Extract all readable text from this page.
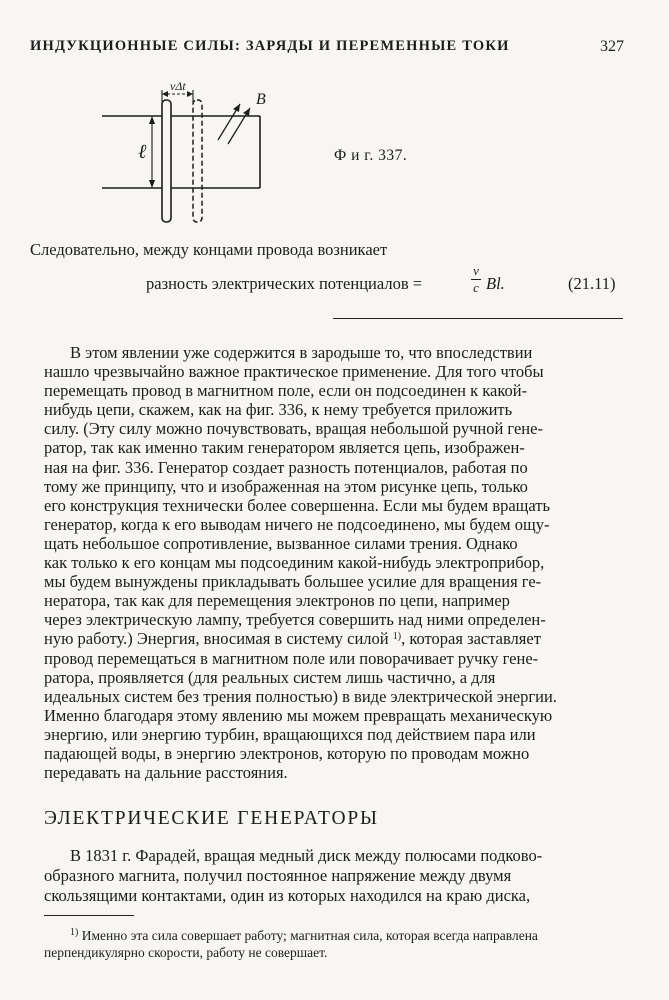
ИНДУКЦИОННЫЕ СИЛЫ: ЗАРЯДЫ И ПЕРЕМЕННЫЕ ТОКИ	327
vΔt
ℓ
B
Ф и г. 337.
Следовательно, между концами провода возникает
разность электрических потенциалов =
v
c Bl.	(21.11)
В этом явлении уже содержится в зародыше то, что впоследствии
нашло чрезвычайно важное практическое применение. Для того чтобы
перемещать провод в магнитном поле, если он подсоединен к какой-
нибудь цепи, скажем, как на фиг. 336, к нему требуется приложить
силу. (Эту силу можно почувствовать, вращая небольшой ручной гене-
ратор, так как именно таким генератором является цепь, изображен-
ная на фиг. 336. Генератор создает разность потенциалов, работая по
тому же принципу, что и изображенная на этом рисунке цепь, только
его конструкция технически более совершенна. Если мы будем вращать
генератор, когда к его выводам ничего не подсоединено, мы будем ощу-
щать небольшое сопротивление, вызванное силами трения. Однако
как только к его концам мы подсоединим какой-нибудь электроприбор,
мы будем вынуждены прикладывать большее усилие для вращения ге-
нератора, так как для перемещения электронов по цепи, например
через электрическую лампу, требуется совершить над ними определен-
ную работу.) Энергия, вносимая в систему силой $^{1)}$, которая заставляет
провод перемещаться в магнитном поле или поворачивает ручку гене-
ратора, проявляется (для реальных систем лишь частично, а для
идеальных систем без трения полностью) в виде электрической энергии.
Именно благодаря этому явлению мы можем превращать механическую
энергию, или энергию турбин, вращающихся под действием пара или
падающей воды, в энергию электронов, которую по проводам можно
передавать на дальние расстояния.
ЭЛЕКТРИЧЕСКИЕ ГЕНЕРАТОРЫ
В 1831 г. Фарадей, вращая медный диск между полюсами подково-
образного магнита, получил постоянное напряжение между двумя
скользящими контактами, один из которых находился на краю диска,
$^{1)}$ Именно эта сила совершает работу; магнитная сила, которая всегда направлена
перпендикулярно скорости, работу не совершает.
